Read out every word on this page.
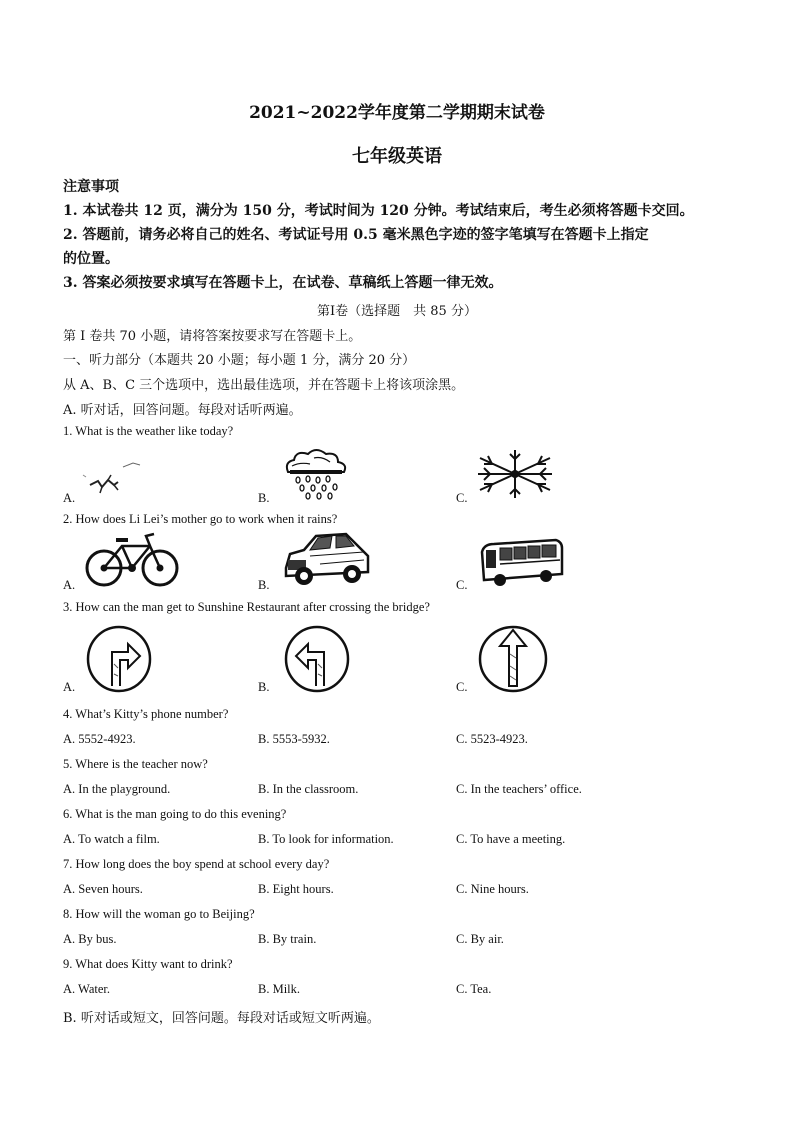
2021~2022学年度第二学期期末试卷
七年级英语
注意事项
1. 本试卷共 12 页，满分为 150 分，考试时间为 120 分钟。考试结束后，考生必须将答题卡交回。
2. 答题前，请务必将自己的姓名、考试证号用 0.5 毫米黑色字迹的签字笔填写在答题卡上指定
的位置。
3. 答案必须按要求填写在答题卡上，在试卷、草稿纸上答题一律无效。
第Ⅰ卷（选择题　共 85 分）
第 I 卷共 70 小题，请将答案按要求写在答题卡上。
一、听力部分（本题共 20 小题；每小题 1 分，满分 20 分）
从 A、B、C 三个选项中，选出最佳选项，并在答题卡上将该项涂黑。
A. 听对话，回答问题。每段对话听两遍。
1. What is the weather like today?
A.	B.	C.
2. How does Li Lei’s mother go to work when it rains?
A.	B.	C.
3. How can the man get to Sunshine Restaurant after crossing the bridge?
A.	B.	C.
4. What’s Kitty’s phone number?
A. 5552-4923.	B. 5553-5932.	C. 5523-4923.
5. Where is the teacher now?
A. In the playground.	B. In the classroom.	C. In the teachers’ office.
6. What is the man going to do this evening?
A. To watch a film.	B. To look for information.	C. To have a meeting.
7. How long does the boy spend at school every day?
A. Seven hours.	B. Eight hours.	C. Nine hours.
8. How will the woman go to Beijing?
A. By bus.	B. By train.	C. By air.
9. What does Kitty want to drink?
A. Water.	B. Milk.	C. Tea.
B. 听对话或短文，回答问题。每段对话或短文听两遍。
